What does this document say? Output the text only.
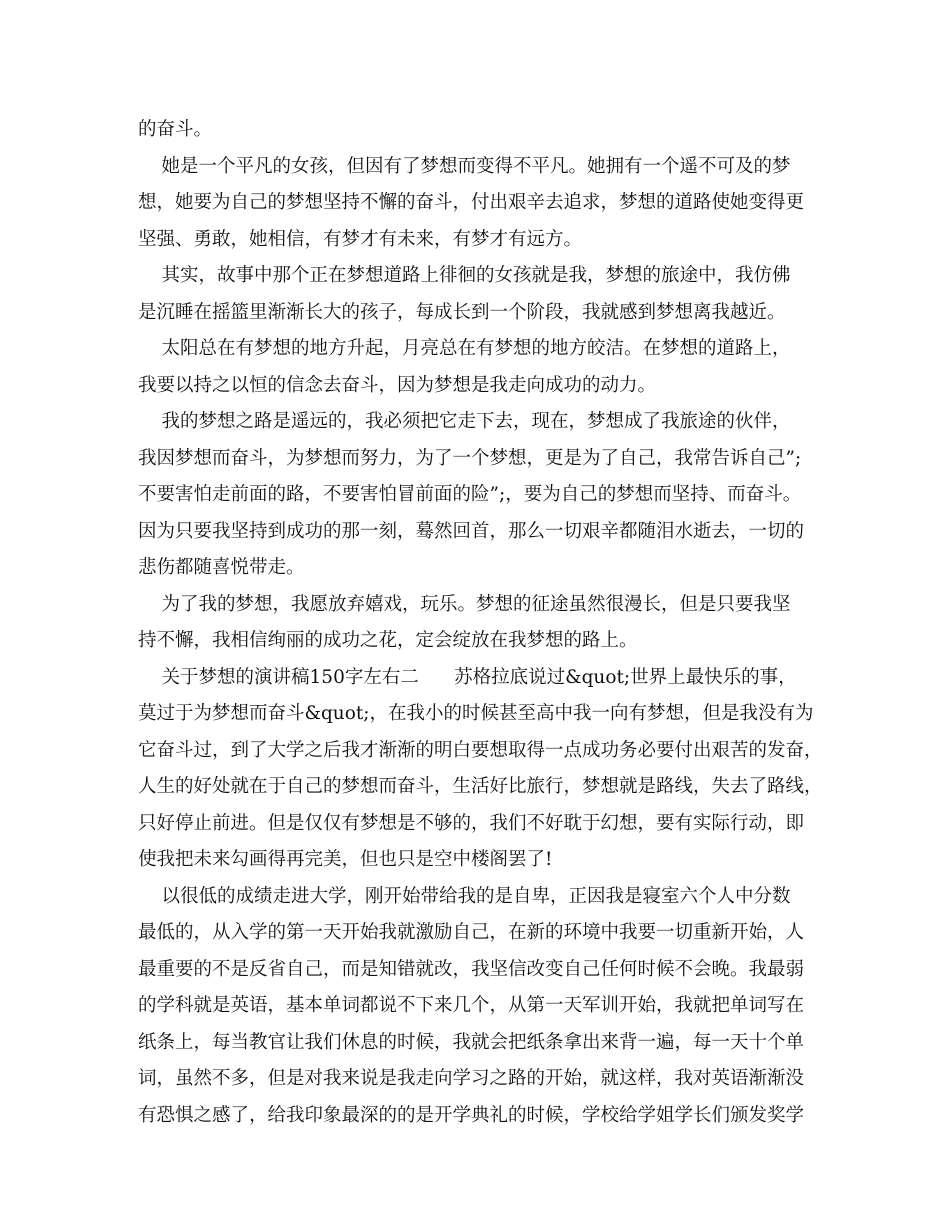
的奋斗。
她是一个平凡的女孩，但因有了梦想而变得不平凡。她拥有一个遥不可及的梦
想，她要为自己的梦想坚持不懈的奋斗，付出艰辛去追求，梦想的道路使她变得更
坚强、勇敢，她相信，有梦才有未来，有梦才有远方。
其实，故事中那个正在梦想道路上徘徊的女孩就是我，梦想的旅途中，我仿佛
是沉睡在摇篮里渐渐长大的孩子，每成长到一个阶段，我就感到梦想离我越近。
太阳总在有梦想的地方升起，月亮总在有梦想的地方皎洁。在梦想的道路上，
我要以持之以恒的信念去奋斗，因为梦想是我走向成功的动力。
我的梦想之路是遥远的，我必须把它走下去，现在，梦想成了我旅途的伙伴，
我因梦想而奋斗，为梦想而努力，为了一个梦想，更是为了自己，我常告诉自己”;
不要害怕走前面的路，不要害怕冒前面的险”;，要为自己的梦想而坚持、而奋斗。
因为只要我坚持到成功的那一刻，蓦然回首，那么一切艰辛都随泪水逝去，一切的
悲伤都随喜悦带走。
为了我的梦想，我愿放弃嬉戏，玩乐。梦想的征途虽然很漫长，但是只要我坚
持不懈，我相信绚丽的成功之花，定会绽放在我梦想的路上。
关于梦想的演讲稿150字左右二      苏格拉底说过&quot;世界上最快乐的事，
莫过于为梦想而奋斗&quot;，在我小的时候甚至高中我一向有梦想，但是我没有为
它奋斗过，到了大学之后我才渐渐的明白要想取得一点成功务必要付出艰苦的发奋，
人生的好处就在于自己的梦想而奋斗，生活好比旅行，梦想就是路线，失去了路线，
只好停止前进。但是仅仅有梦想是不够的，我们不好耽于幻想，要有实际行动，即
使我把未来勾画得再完美，但也只是空中楼阁罢了!
以很低的成绩走进大学，刚开始带给我的是自卑，正因我是寝室六个人中分数
最低的，从入学的第一天开始我就激励自己，在新的环境中我要一切重新开始，人
最重要的不是反省自己，而是知错就改，我坚信改变自己任何时候不会晚。我最弱
的学科就是英语，基本单词都说不下来几个，从第一天军训开始，我就把单词写在
纸条上，每当教官让我们休息的时候，我就会把纸条拿出来背一遍，每一天十个单
词，虽然不多，但是对我来说是我走向学习之路的开始，就这样，我对英语渐渐没
有恐惧之感了，给我印象最深的的是开学典礼的时候，学校给学姐学长们颁发奖学
